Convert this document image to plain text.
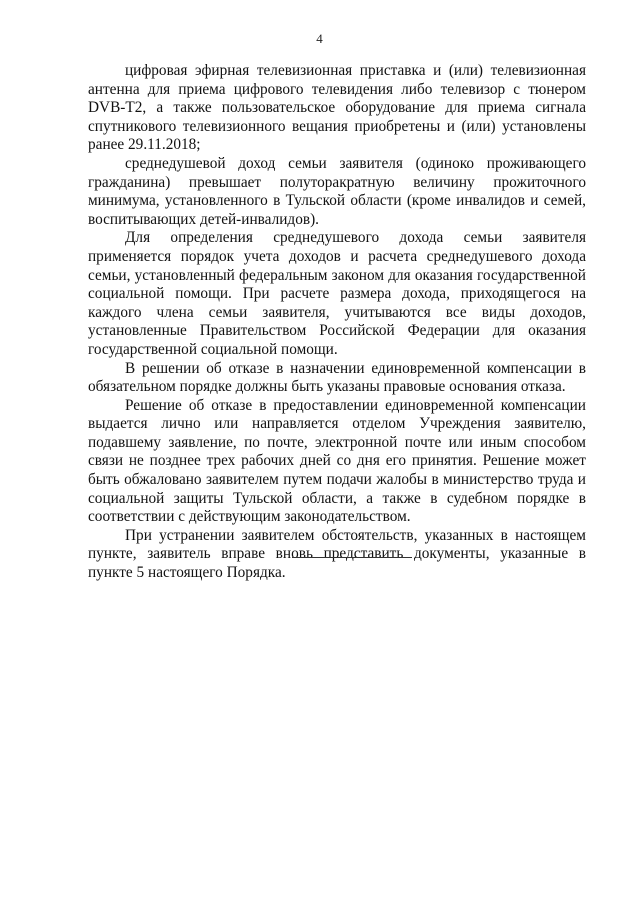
4

цифровая эфирная телевизионная приставка и (или) телевизионная антенна для приема цифрового телевидения либо телевизор с тюнером DVB-T2, а также пользовательское оборудование для приема сигнала спутникового телевизионного вещания приобретены и (или) установлены ранее 29.11.2018;

среднедушевой доход семьи заявителя (одиноко проживающего гражданина) превышает полуторакратную величину прожиточного минимума, установленного в Тульской области (кроме инвалидов и семей, воспитывающих детей-инвалидов).

Для определения среднедушевого дохода семьи заявителя применяется порядок учета доходов и расчета среднедушевого дохода семьи, установленный федеральным законом для оказания государственной социальной помощи. При расчете размера дохода, приходящегося на каждого члена семьи заявителя, учитываются все виды доходов, установленные Правительством Российской Федерации для оказания государственной социальной помощи.

В решении об отказе в назначении единовременной компенсации в обязательном порядке должны быть указаны правовые основания отказа.

Решение об отказе в предоставлении единовременной компенсации выдается лично или направляется отделом Учреждения заявителю, подавшему заявление, по почте, электронной почте или иным способом связи не позднее трех рабочих дней со дня его принятия. Решение может быть обжаловано заявителем путем подачи жалобы в министерство труда и социальной защиты Тульской области, а также в судебном порядке в соответствии с действующим законодательством.

При устранении заявителем обстоятельств, указанных в настоящем пункте, заявитель вправе вновь представить документы, указанные в пункте 5 настоящего Порядка.
